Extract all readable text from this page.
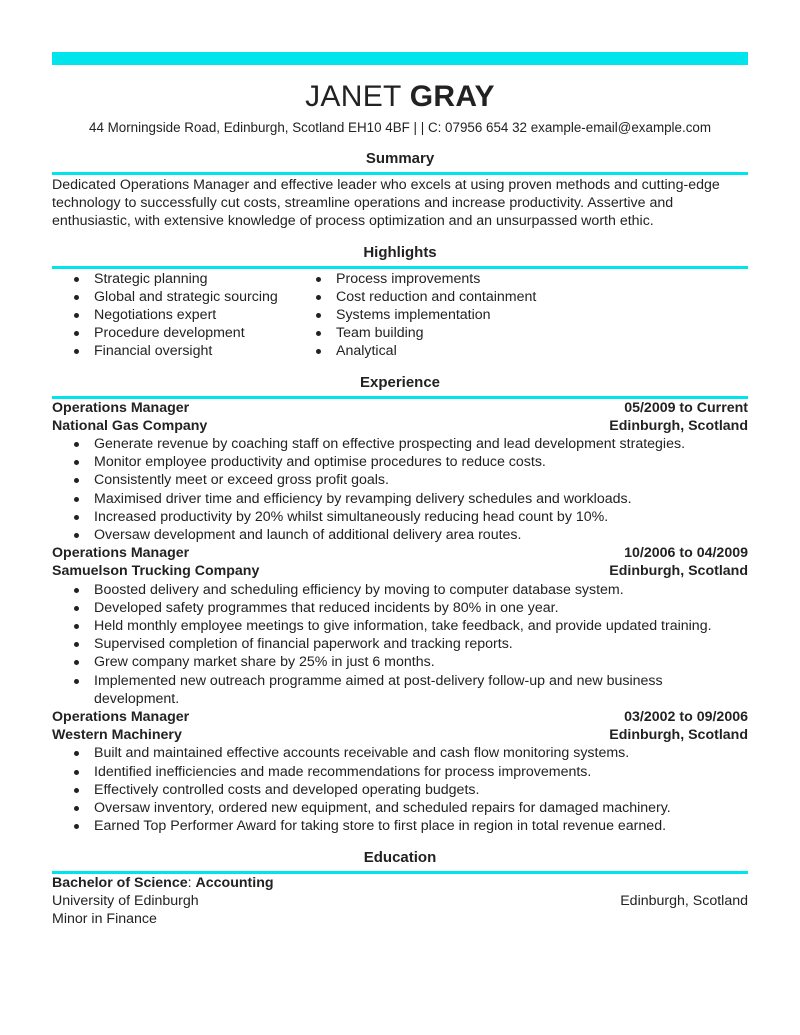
JANET GRAY
44 Morningside Road, Edinburgh, Scotland EH10 4BF | | C: 07956 654 32 example-email@example.com
Summary
Dedicated Operations Manager and effective leader who excels at using proven methods and cutting-edge technology to successfully cut costs, streamline operations and increase productivity. Assertive and enthusiastic, with extensive knowledge of process optimization and an unsurpassed worth ethic.
Highlights
Strategic planning
Global and strategic sourcing
Negotiations expert
Procedure development
Financial oversight
Process improvements
Cost reduction and containment
Systems implementation
Team building
Analytical
Experience
Operations Manager	05/2009 to Current
National Gas Company	Edinburgh, Scotland
Generate revenue by coaching staff on effective prospecting and lead development strategies.
Monitor employee productivity and optimise procedures to reduce costs.
Consistently meet or exceed gross profit goals.
Maximised driver time and efficiency by revamping delivery schedules and workloads.
Increased productivity by 20% whilst simultaneously reducing head count by 10%.
Oversaw development and launch of additional delivery area routes.
Operations Manager	10/2006 to 04/2009
Samuelson Trucking Company	Edinburgh, Scotland
Boosted delivery and scheduling efficiency by moving to computer database system.
Developed safety programmes that reduced incidents by 80% in one year.
Held monthly employee meetings to give information, take feedback, and provide updated training.
Supervised completion of financial paperwork and tracking reports.
Grew company market share by 25% in just 6 months.
Implemented new outreach programme aimed at post-delivery follow-up and new business development.
Operations Manager	03/2002 to 09/2006
Western Machinery	Edinburgh, Scotland
Built and maintained effective accounts receivable and cash flow monitoring systems.
Identified inefficiencies and made recommendations for process improvements.
Effectively controlled costs and developed operating budgets.
Oversaw inventory, ordered new equipment, and scheduled repairs for damaged machinery.
Earned Top Performer Award for taking store to first place in region in total revenue earned.
Education
Bachelor of Science: Accounting
University of Edinburgh	Edinburgh, Scotland
Minor in Finance
